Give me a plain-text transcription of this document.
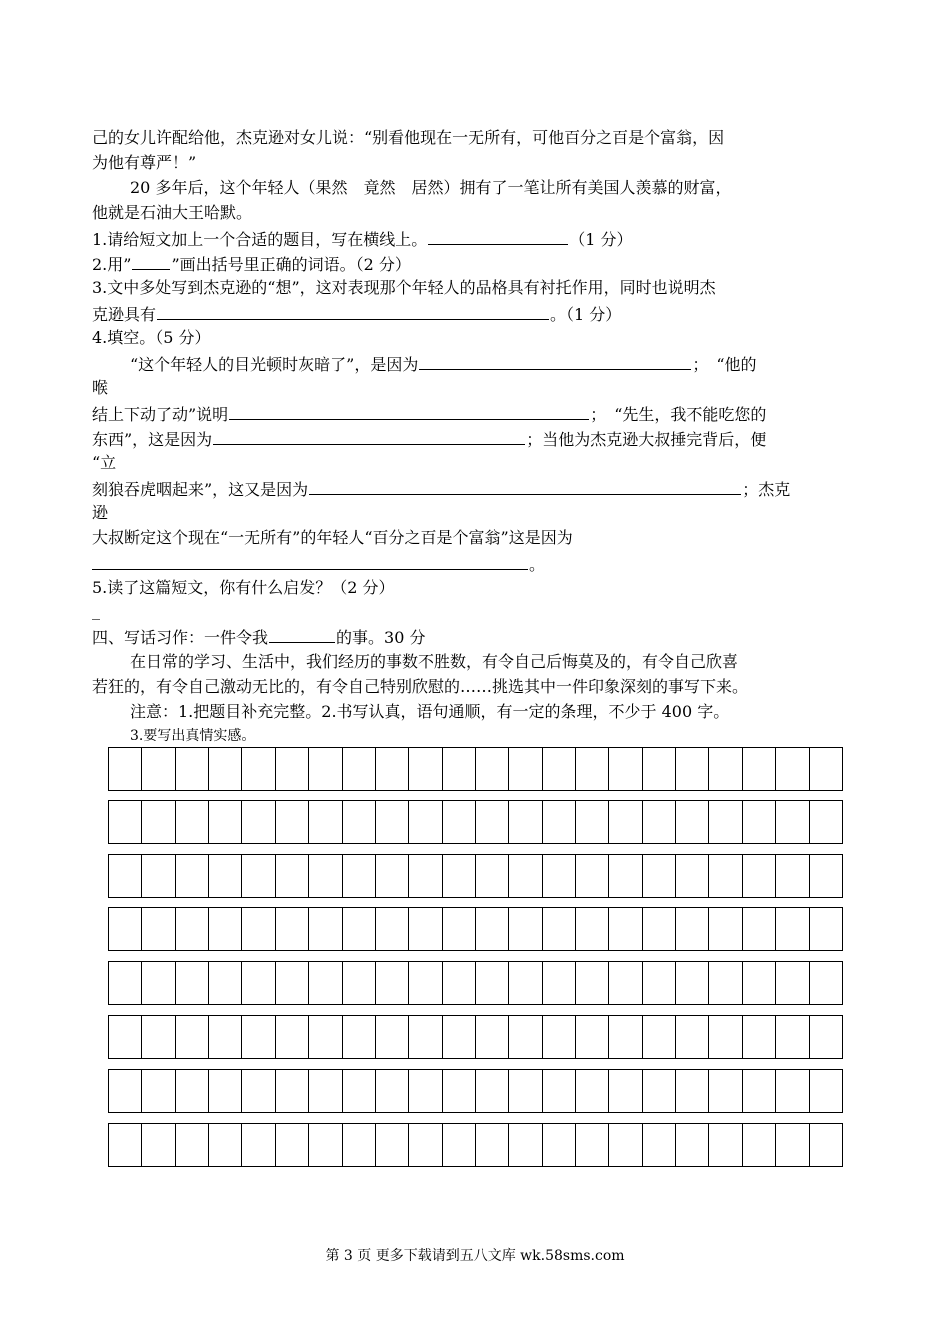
己的女儿许配给他，杰克逊对女儿说：“别看他现在一无所有，可他百分之百是个富翁，因
为他有尊严！”
20 多年后，这个年轻人（果然　竟然　居然）拥有了一笔让所有美国人羡慕的财富，
他就是石油大王哈默。
1.请给短文加上一个合适的题目，写在横线上。	（1 分）
2.用”	”画出括号里正确的词语。（2 分）
3.文中多处写到杰克逊的“想”，这对表现那个年轻人的品格具有衬托作用，同时也说明杰
克逊具有	。（1 分）
4.填空。（5 分）
“这个年轻人的目光顿时灰暗了”，是因为	；　“他的
喉
结上下动了动”说明	；　“先生，我不能吃您的
东西”，这是因为	；当他为杰克逊大叔捶完背后，便
“立
刻狼吞虎咽起来”，这又是因为	；杰克
逊
大叔断定这个现在“一无所有”的年轻人“百分之百是个富翁”这是因为
。
5.读了这篇短文，你有什么启发？（2 分）
_
四、写话习作：一件令我	的事。30 分
在日常的学习、生活中，我们经历的事数不胜数，有令自己后悔莫及的，有令自己欣喜
若狂的，有令自己激动无比的，有令自己特别欣慰的……挑选其中一件印象深刻的事写下来。
注意：1.把题目补充完整。2.书写认真，语句通顺，有一定的条理，不少于 400 字。
3.要写出真情实感。
第 3 页 更多下载请到五八文库 wk.58sms.com
